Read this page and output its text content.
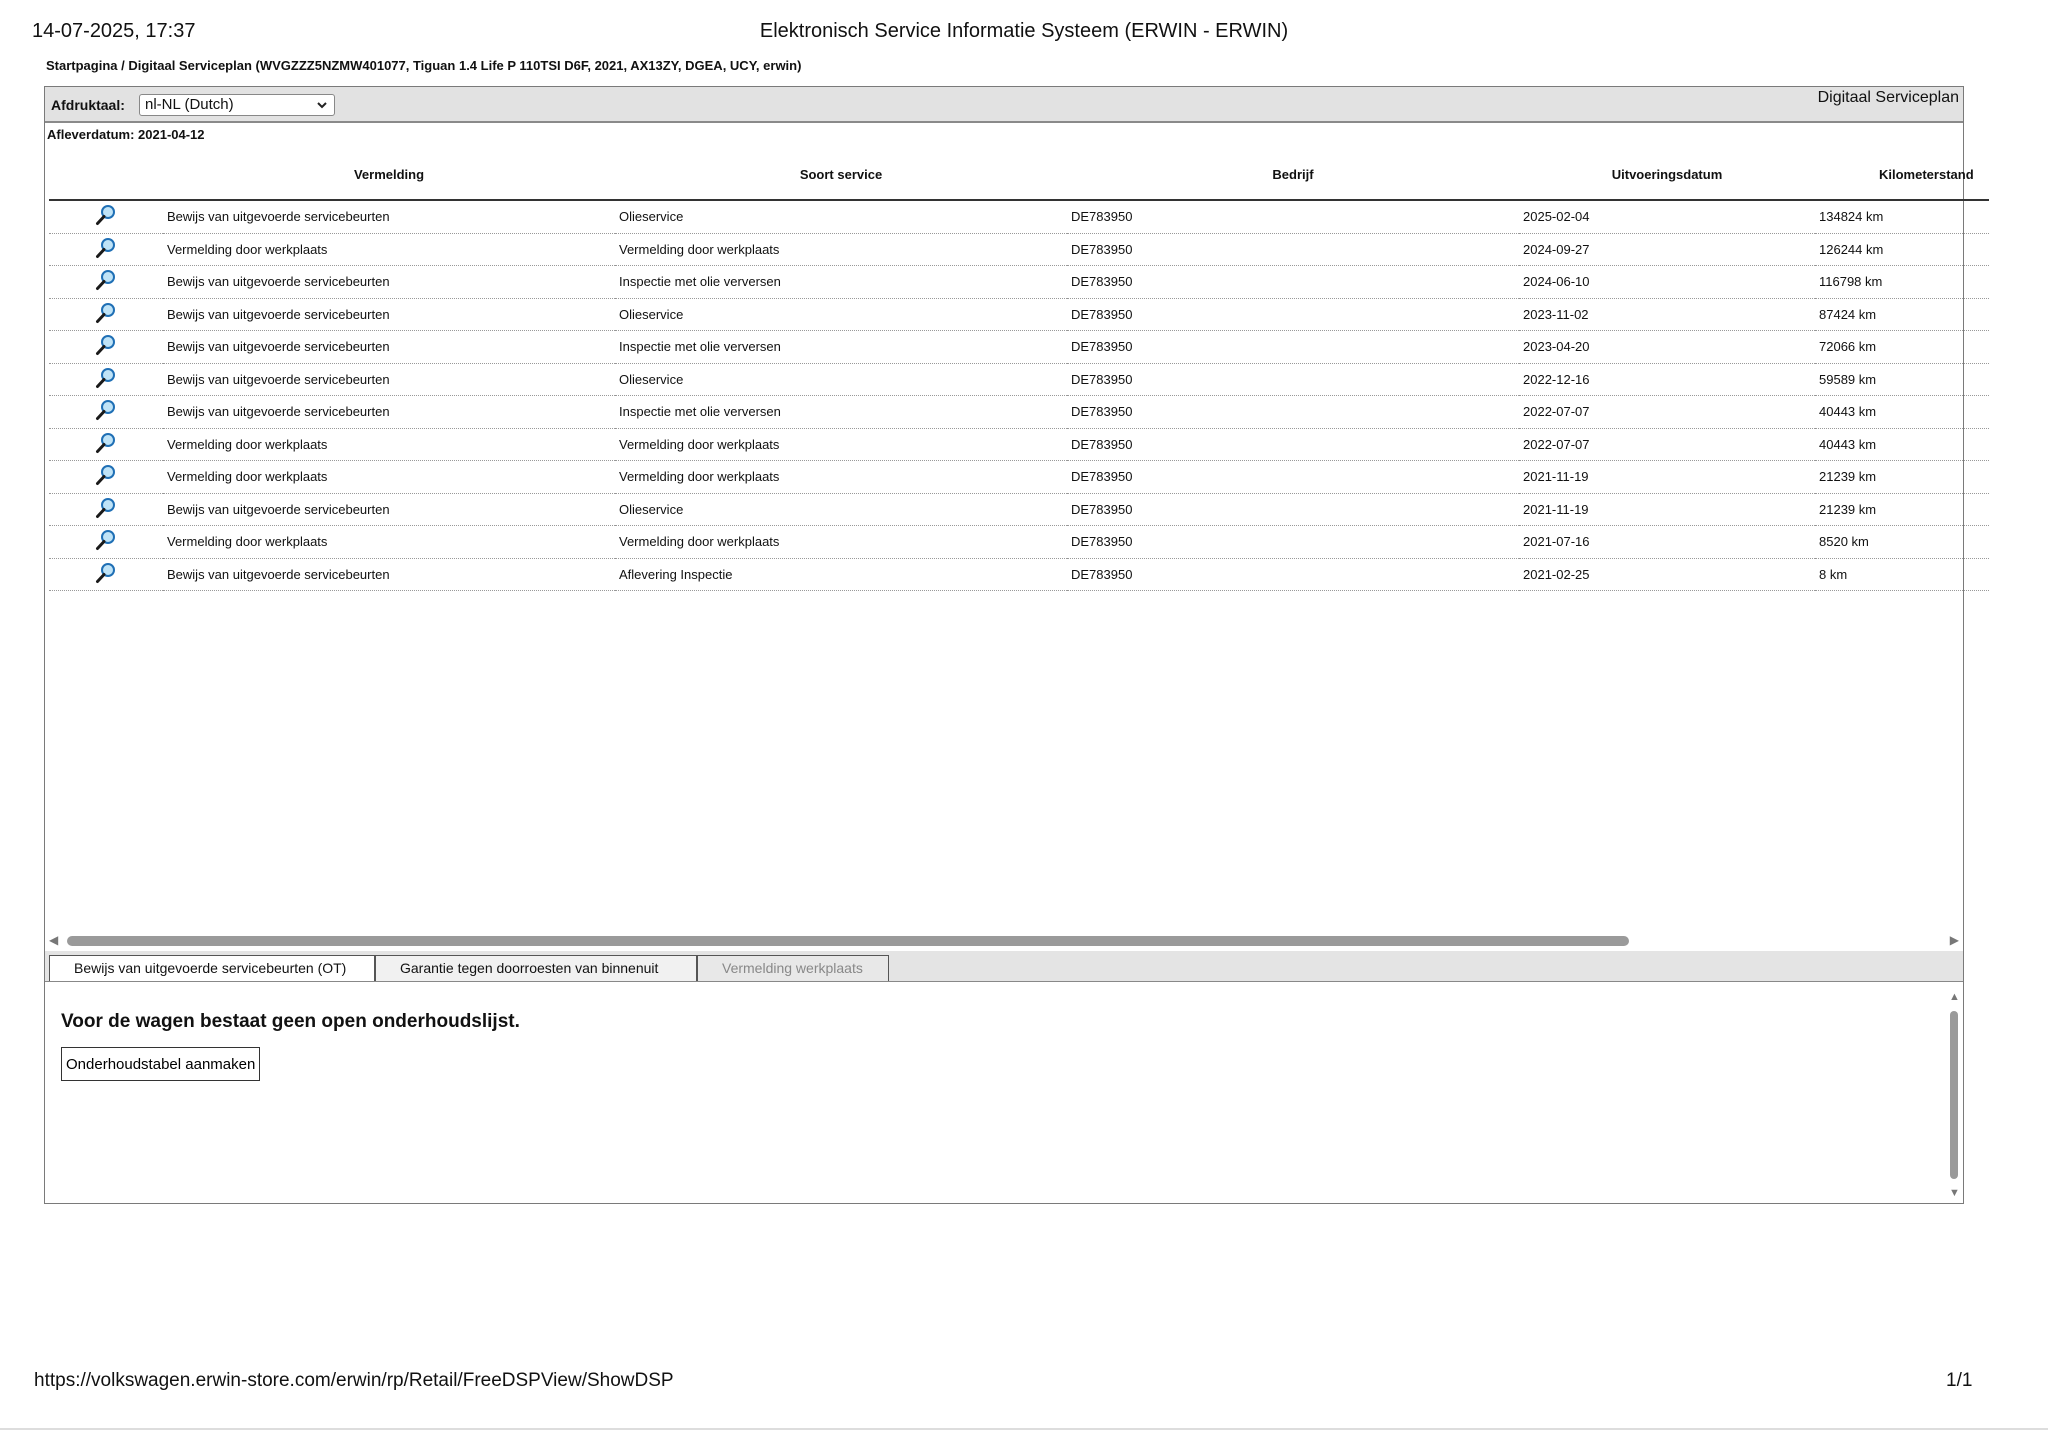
14-07-2025, 17:37	Elektronisch Service Informatie Systeem (ERWIN - ERWIN)
Startpagina / Digitaal Serviceplan (WVGZZZ5NZMW401077, Tiguan 1.4 Life P 110TSI D6F, 2021, AX13ZY, DGEA, UCY, erwin)
Afdruktaal:	nl-NL (Dutch)	Digitaal Serviceplan
Afleverdatum: 2021-04-12
	Vermelding	Soort service	Bedrijf	Uitvoeringsdatum	Kilometerstand
	Bewijs van uitgevoerde servicebeurten	Olieservice	DE783950	2025-02-04	134824 km
	Vermelding door werkplaats	Vermelding door werkplaats	DE783950	2024-09-27	126244 km
	Bewijs van uitgevoerde servicebeurten	Inspectie met olie verversen	DE783950	2024-06-10	116798 km
	Bewijs van uitgevoerde servicebeurten	Olieservice	DE783950	2023-11-02	87424 km
	Bewijs van uitgevoerde servicebeurten	Inspectie met olie verversen	DE783950	2023-04-20	72066 km
	Bewijs van uitgevoerde servicebeurten	Olieservice	DE783950	2022-12-16	59589 km
	Bewijs van uitgevoerde servicebeurten	Inspectie met olie verversen	DE783950	2022-07-07	40443 km
	Vermelding door werkplaats	Vermelding door werkplaats	DE783950	2022-07-07	40443 km
	Vermelding door werkplaats	Vermelding door werkplaats	DE783950	2021-11-19	21239 km
	Bewijs van uitgevoerde servicebeurten	Olieservice	DE783950	2021-11-19	21239 km
	Vermelding door werkplaats	Vermelding door werkplaats	DE783950	2021-07-16	8520 km
	Bewijs van uitgevoerde servicebeurten	Aflevering Inspectie	DE783950	2021-02-25	8 km
◀	▶
Bewijs van uitgevoerde servicebeurten (OT)	Garantie tegen doorroesten van binnenuit	Vermelding werkplaats
Voor de wagen bestaat geen open onderhoudslijst.
Onderhoudstabel aanmaken
▲
▼
https://volkswagen.erwin-store.com/erwin/rp/Retail/FreeDSPView/ShowDSP	1/1
